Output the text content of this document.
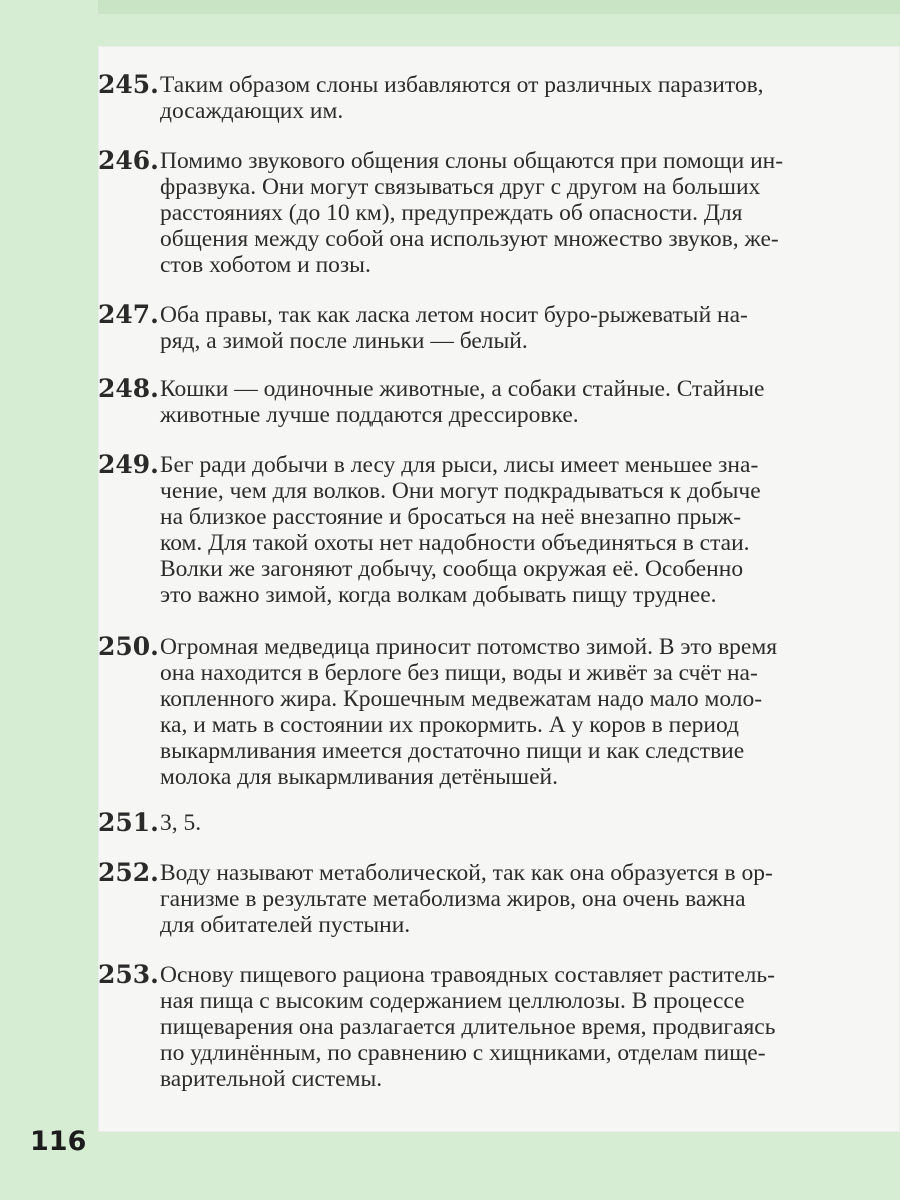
245. Таким образом слоны избавляются от различных паразитов,
досаждающих им.
246. Помимо звукового общения слоны общаются при помощи ин-
фразвука. Они могут связываться друг с другом на больших
расстояниях (до 10 км), предупреждать об опасности. Для
общения между собой она используют множество звуков, же-
стов хоботом и позы.
247. Оба правы, так как ласка летом носит буро-рыжеватый на-
ряд, а зимой после линьки — белый.
248. Кошки — одиночные животные, а собаки стайные. Стайные
животные лучше поддаются дрессировке.
249. Бег ради добычи в лесу для рыси, лисы имеет меньшее зна-
чение, чем для волков. Они могут подкрадываться к добыче
на близкое расстояние и бросаться на неё внезапно прыж-
ком. Для такой охоты нет надобности объединяться в стаи.
Волки же загоняют добычу, сообща окружая её. Особенно
это важно зимой, когда волкам добывать пищу труднее.
250. Огромная медведица приносит потомство зимой. В это время
она находится в берлоге без пищи, воды и живёт за счёт на-
копленного жира. Крошечным медвежатам надо мало моло-
ка, и мать в состоянии их прокормить. А у коров в период
выкармливания имеется достаточно пищи и как следствие
молока для выкармливания детёнышей.
251. 3, 5.
252. Воду называют метаболической, так как она образуется в ор-
ганизме в результате метаболизма жиров, она очень важна
для обитателей пустыни.
253. Основу пищевого рациона травоядных составляет раститель-
ная пища с высоким содержанием целлюлозы. В процессе
пищеварения она разлагается длительное время, продвигаясь
по удлинённым, по сравнению с хищниками, отделам пище-
варительной системы.
116
